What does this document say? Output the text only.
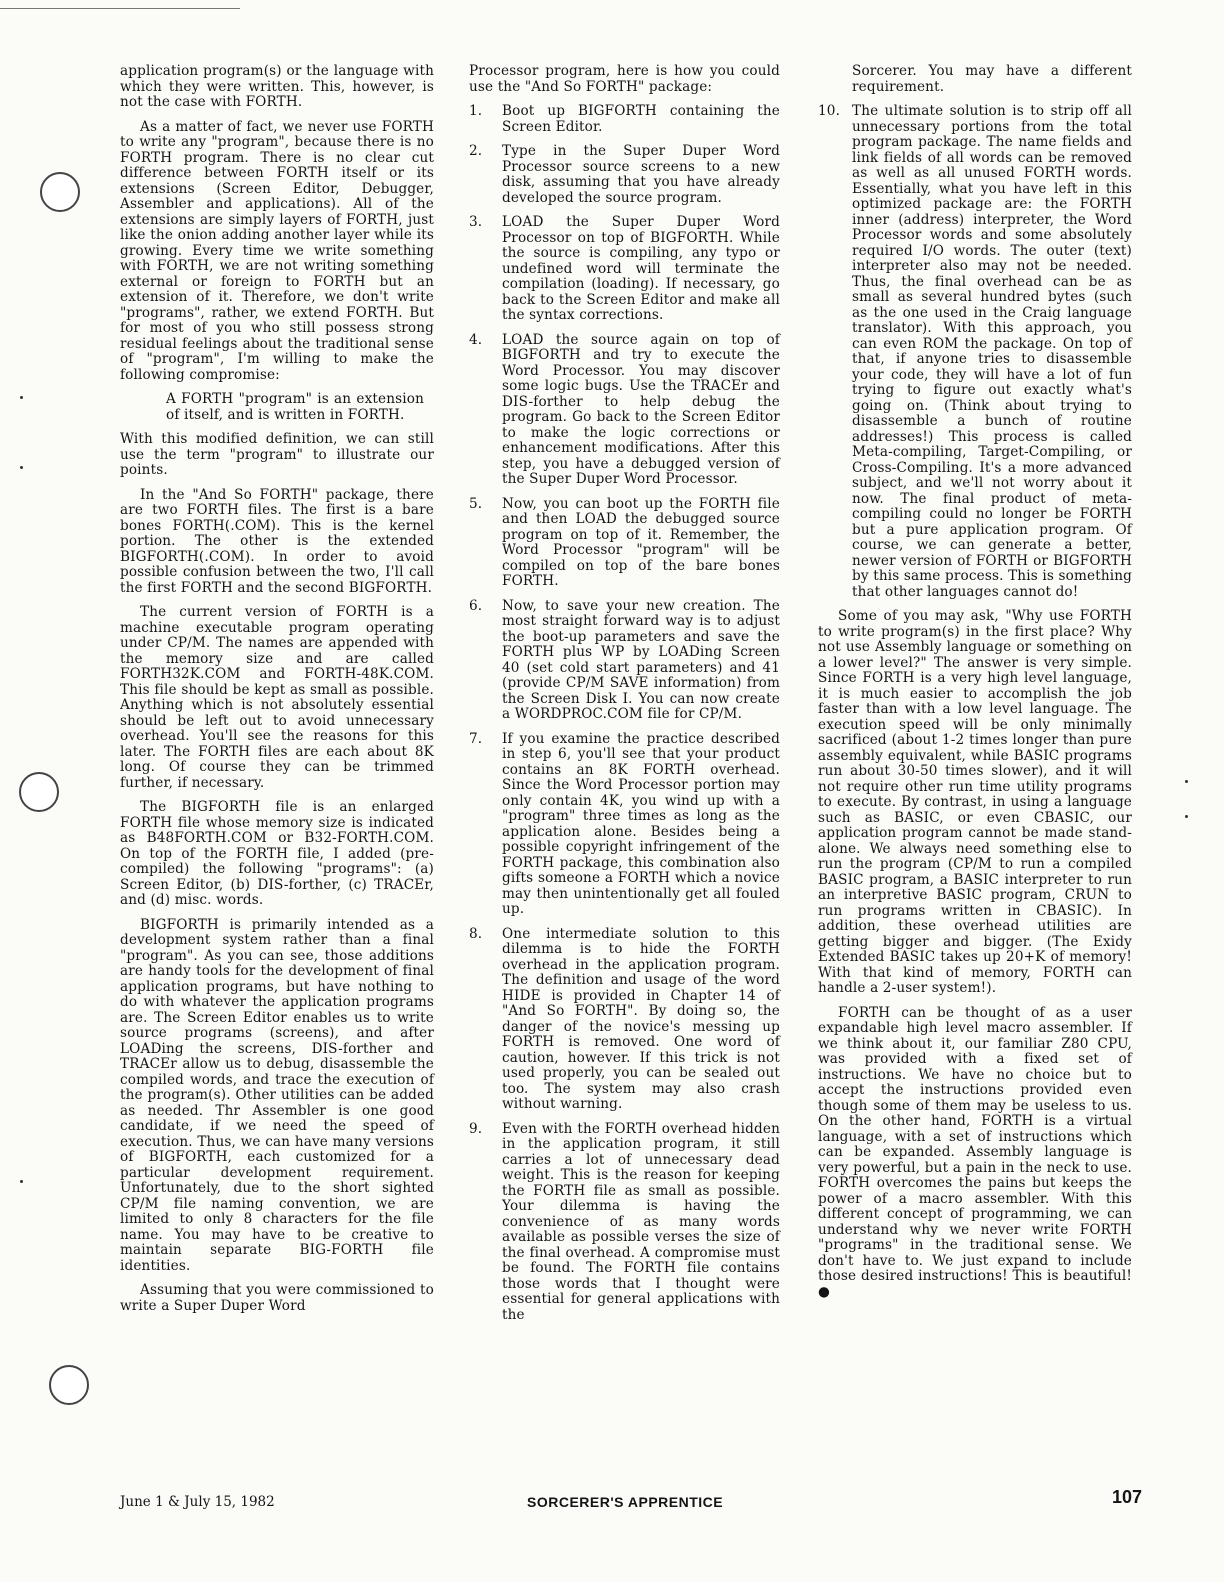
application program(s) or the language with which they were written. This, however, is not the case with FORTH.

As a matter of fact, we never use FORTH to write any "program", because there is no FORTH program. There is no clear cut difference between FORTH itself or its extensions (Screen Editor, Debugger, Assembler and applications). All of the extensions are simply layers of FORTH, just like the onion adding another layer while its growing. Every time we write something with FORTH, we are not writing something external or foreign to FORTH but an extension of it. Therefore, we don't write "programs", rather, we extend FORTH. But for most of you who still possess strong residual feelings about the traditional sense of "program", I'm willing to make the following compromise:

A FORTH "program" is an extension of itself, and is written in FORTH.

With this modified definition, we can still use the term "program" to illustrate our points.

In the "And So FORTH" package, there are two FORTH files. The first is a bare bones FORTH(.COM). This is the kernel portion. The other is the extended BIGFORTH(.COM). In order to avoid possible confusion between the two, I'll call the first FORTH and the second BIGFORTH.

The current version of FORTH is a machine executable program operating under CP/M. The names are appended with the memory size and are called FORTH32K.COM and FORTH-48K.COM. This file should be kept as small as possible. Anything which is not absolutely essential should be left out to avoid unnecessary overhead. You'll see the reasons for this later. The FORTH files are each about 8K long. Of course they can be trimmed further, if necessary.

The BIGFORTH file is an enlarged FORTH file whose memory size is indicated as B48FORTH.COM or B32-FORTH.COM. On top of the FORTH file, I added (pre-compiled) the following "programs": (a) Screen Editor, (b) DIS-forther, (c) TRACEr, and (d) misc. words.

BIGFORTH is primarily intended as a development system rather than a final "program". As you can see, those additions are handy tools for the development of final application programs, but have nothing to do with whatever the application programs are. The Screen Editor enables us to write source programs (screens), and after LOADing the screens, DIS-forther and TRACEr allow us to debug, disassemble the compiled words, and trace the execution of the program(s). Other utilities can be added as needed. Thr Assembler is one good candidate, if we need the speed of execution. Thus, we can have many versions of BIGFORTH, each customized for a particular development requirement. Unfortunately, due to the short sighted CP/M file naming convention, we are limited to only 8 characters for the file name. You may have to be creative to maintain separate BIG-FORTH file identities.

Assuming that you were commissioned to write a Super Duper Word

Processor program, here is how you could use the "And So FORTH" package:

1.	Boot up BIGFORTH containing the Screen Editor.
2.	Type in the Super Duper Word Processor source screens to a new disk, assuming that you have already developed the source program.
3.	LOAD the Super Duper Word Processor on top of BIGFORTH. While the source is compiling, any typo or undefined word will terminate the compilation (loading). If necessary, go back to the Screen Editor and make all the syntax corrections.
4.	LOAD the source again on top of BIGFORTH and try to execute the Word Processor. You may discover some logic bugs. Use the TRACEr and DIS-forther to help debug the program. Go back to the Screen Editor to make the logic corrections or enhancement modifications. After this step, you have a debugged version of the Super Duper Word Processor.
5.	Now, you can boot up the FORTH file and then LOAD the debugged source program on top of it. Remember, the Word Processor "program" will be compiled on top of the bare bones FORTH.
6.	Now, to save your new creation. The most straight forward way is to adjust the boot-up parameters and save the FORTH plus WP by LOADing Screen 40 (set cold start parameters) and 41 (provide CP/M SAVE information) from the Screen Disk I. You can now create a WORDPROC.COM file for CP/M.
7.	If you examine the practice described in step 6, you'll see that your product contains an 8K FORTH overhead. Since the Word Processor portion may only contain 4K, you wind up with a "program" three times as long as the application alone. Besides being a possible copyright infringement of the FORTH package, this combination also gifts someone a FORTH which a novice may then unintentionally get all fouled up.
8.	One intermediate solution to this dilemma is to hide the FORTH overhead in the application program. The definition and usage of the word HIDE is provided in Chapter 14 of "And So FORTH". By doing so, the danger of the novice's messing up FORTH is removed. One word of caution, however. If this trick is not used properly, you can be sealed out too. The system may also crash without warning.
9.	Even with the FORTH overhead hidden in the application program, it still carries a lot of unnecessary dead weight. This is the reason for keeping the FORTH file as small as possible. Your dilemma is having the convenience of as many words available as possible verses the size of the final overhead. A compromise must be found. The FORTH file contains those words that I thought were essential for general applications with the

Sorcerer. You may have a different requirement.

10. The ultimate solution is to strip off all unnecessary portions from the total program package. The name fields and link fields of all words can be removed as well as all unused FORTH words. Essentially, what you have left in this optimized package are: the FORTH inner (address) interpreter, the Word Processor words and some absolutely required I/O words. The outer (text) interpreter also may not be needed. Thus, the final overhead can be as small as several hundred bytes (such as the one used in the Craig language translator). With this approach, you can even ROM the package. On top of that, if anyone tries to disassemble your code, they will have a lot of fun trying to figure out exactly what's going on. (Think about trying to disassemble a bunch of routine addresses!) This process is called Meta-compiling, Target-Compiling, or Cross-Compiling. It's a more advanced subject, and we'll not worry about it now. The final product of meta-compiling could no longer be FORTH but a pure application program. Of course, we can generate a better, newer version of FORTH or BIGFORTH by this same process. This is something that other languages cannot do!

Some of you may ask, "Why use FORTH to write program(s) in the first place? Why not use Assembly language or something on a lower level?" The answer is very simple. Since FORTH is a very high level language, it is much easier to accomplish the job faster than with a low level language. The execution speed will be only minimally sacrificed (about 1-2 times longer than pure assembly equivalent, while BASIC programs run about 30-50 times slower), and it will not require other run time utility programs to execute. By contrast, in using a language such as BASIC, or even CBASIC, our application program cannot be made stand-alone. We always need something else to run the program (CP/M to run a compiled BASIC program, a BASIC interpreter to run an interpretive BASIC program, CRUN to run programs written in CBASIC). In addition, these overhead utilities are getting bigger and bigger. (The Exidy Extended BASIC takes up 20+K of memory! With that kind of memory, FORTH can handle a 2-user system!).

FORTH can be thought of as a user expandable high level macro assembler. If we think about it, our familiar Z80 CPU, was provided with a fixed set of instructions. We have no choice but to accept the instructions provided even though some of them may be useless to us. On the other hand, FORTH is a virtual language, with a set of instructions which can be expanded. Assembly language is very powerful, but a pain in the neck to use. FORTH overcomes the pains but keeps the power of a macro assembler. With this different concept of programming, we can understand why we never write FORTH "programs" in the traditional sense. We don't have to. We just expand to include those desired instructions! This is beautiful!●

June 1 & July 15, 1982	SORCERER'S APPRENTICE	107
